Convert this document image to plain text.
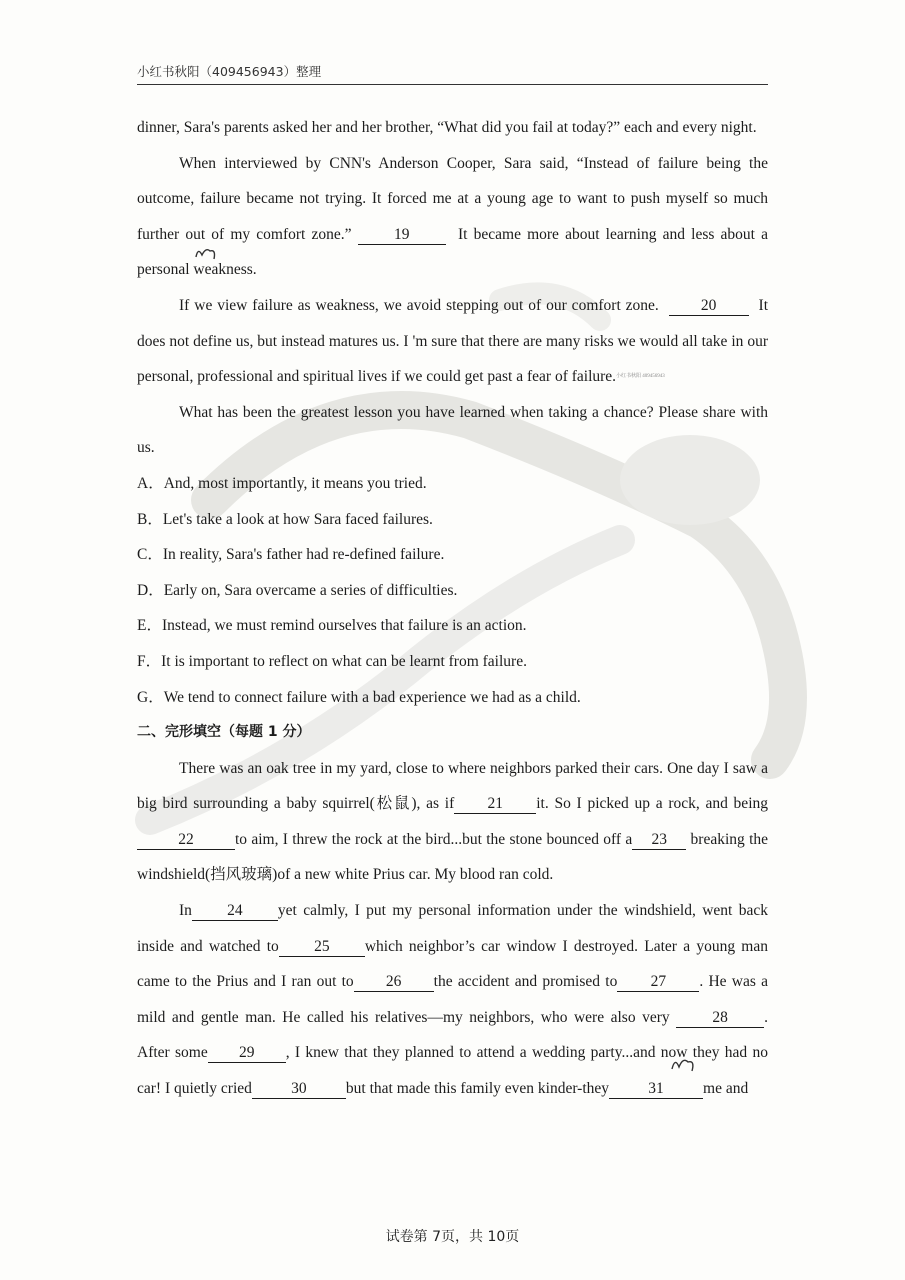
小红书秋阳（409456943）整理

dinner, Sara's parents asked her and her brother, “What did you fail at today?” each and every night.

When interviewed by CNN's Anderson Cooper, Sara said, “Instead of failure being the outcome, failure became not trying. It forced me at a young age to want to push myself so much further out of my comfort zone.”	19	It became more about learning and less about a personal weakness.

If we view failure as weakness, we avoid stepping out of our comfort zone.	20	It does not define us, but instead matures us. I 'm sure that there are many risks we would all take in our personal, professional and spiritual lives if we could get past a fear of failure.$^{小红书秋阳 409456943}$

What has been the greatest lesson you have learned when taking a chance? Please share with us.

A．And, most importantly, it means you tried.

B．Let's take a look at how Sara faced failures.

C．In reality, Sara's father had re-defined failure.

D．Early on, Sara overcame a series of difficulties.

E．Instead, we must remind ourselves that failure is an action.

F．It is important to reflect on what can be learnt from failure.

G．We tend to connect failure with a bad experience we had as a child.

二、完形填空（每题 1 分）

There was an oak tree in my yard, close to where neighbors parked their cars. One day I saw a big bird surrounding a baby squirrel(松鼠), as if 21 it. So I picked up a rock, and being22	to aim, I threw the rock at the bird...but the stone bounced off a 23 breaking the windshield(挡风玻璃)of a new white Prius car. My blood ran cold.

In 24 yet calmly, I put my personal information under the windshield, went back inside and watched to 25 which neighbor’s car window I destroyed. Later a young man came to the Prius and I ran out to 26 the accident and promised to 27 . He was a mild and gentle man. He called his relatives—my neighbors, who were also very	28 . After some 29 , I knew that they planned to attend a wedding party...and now they had no car! I quietly cried	30	but that made this family even kinder-they	31	me and

试卷第 7页，共 10页
